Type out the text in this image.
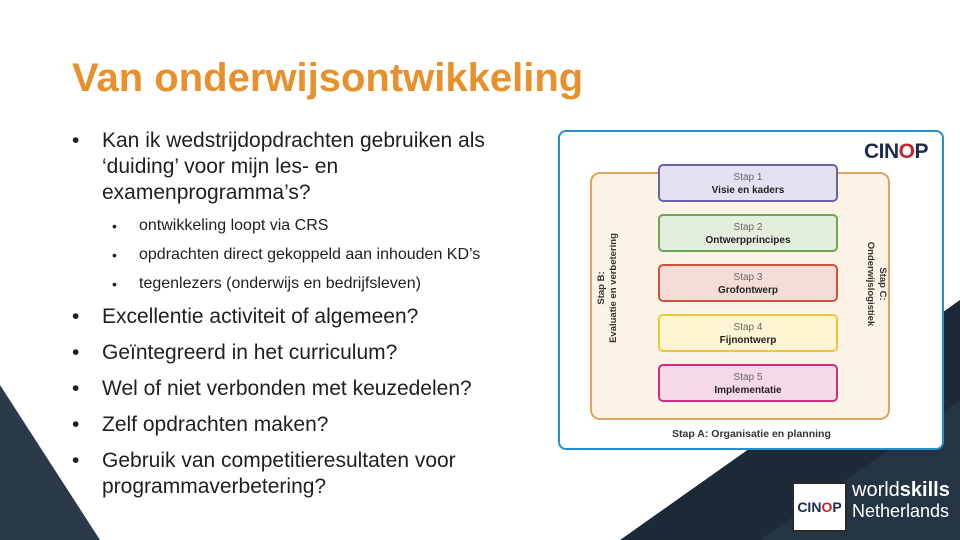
Van onderwijsontwikkeling
• Kan ik wedstrijdopdrachten gebruiken als ‘duiding’ voor mijn les- en examenprogramma’s?
• ontwikkeling loopt via CRS
• opdrachten direct gekoppeld aan inhouden KD’s
• tegenlezers (onderwijs en bedrijfsleven)
• Excellentie activiteit of algemeen?
• Geïntegreerd in het curriculum?
• Wel of niet verbonden met keuzedelen?
• Zelf opdrachten maken?
• Gebruik van competitieresultaten voor programmaverbetering?
CINOP
Stap 1
Visie en kaders
Stap 2
Ontwerpprincipes
Stap 3
Grofontwerp
Stap 4
Fijnontwerp
Stap 5
Implementatie
Stap B: Evaluatie en verbetering	Stap C:
Onderwijslogistiek
Stap A: Organisatie en planning
CIN O P
worldskills
Netherlands
